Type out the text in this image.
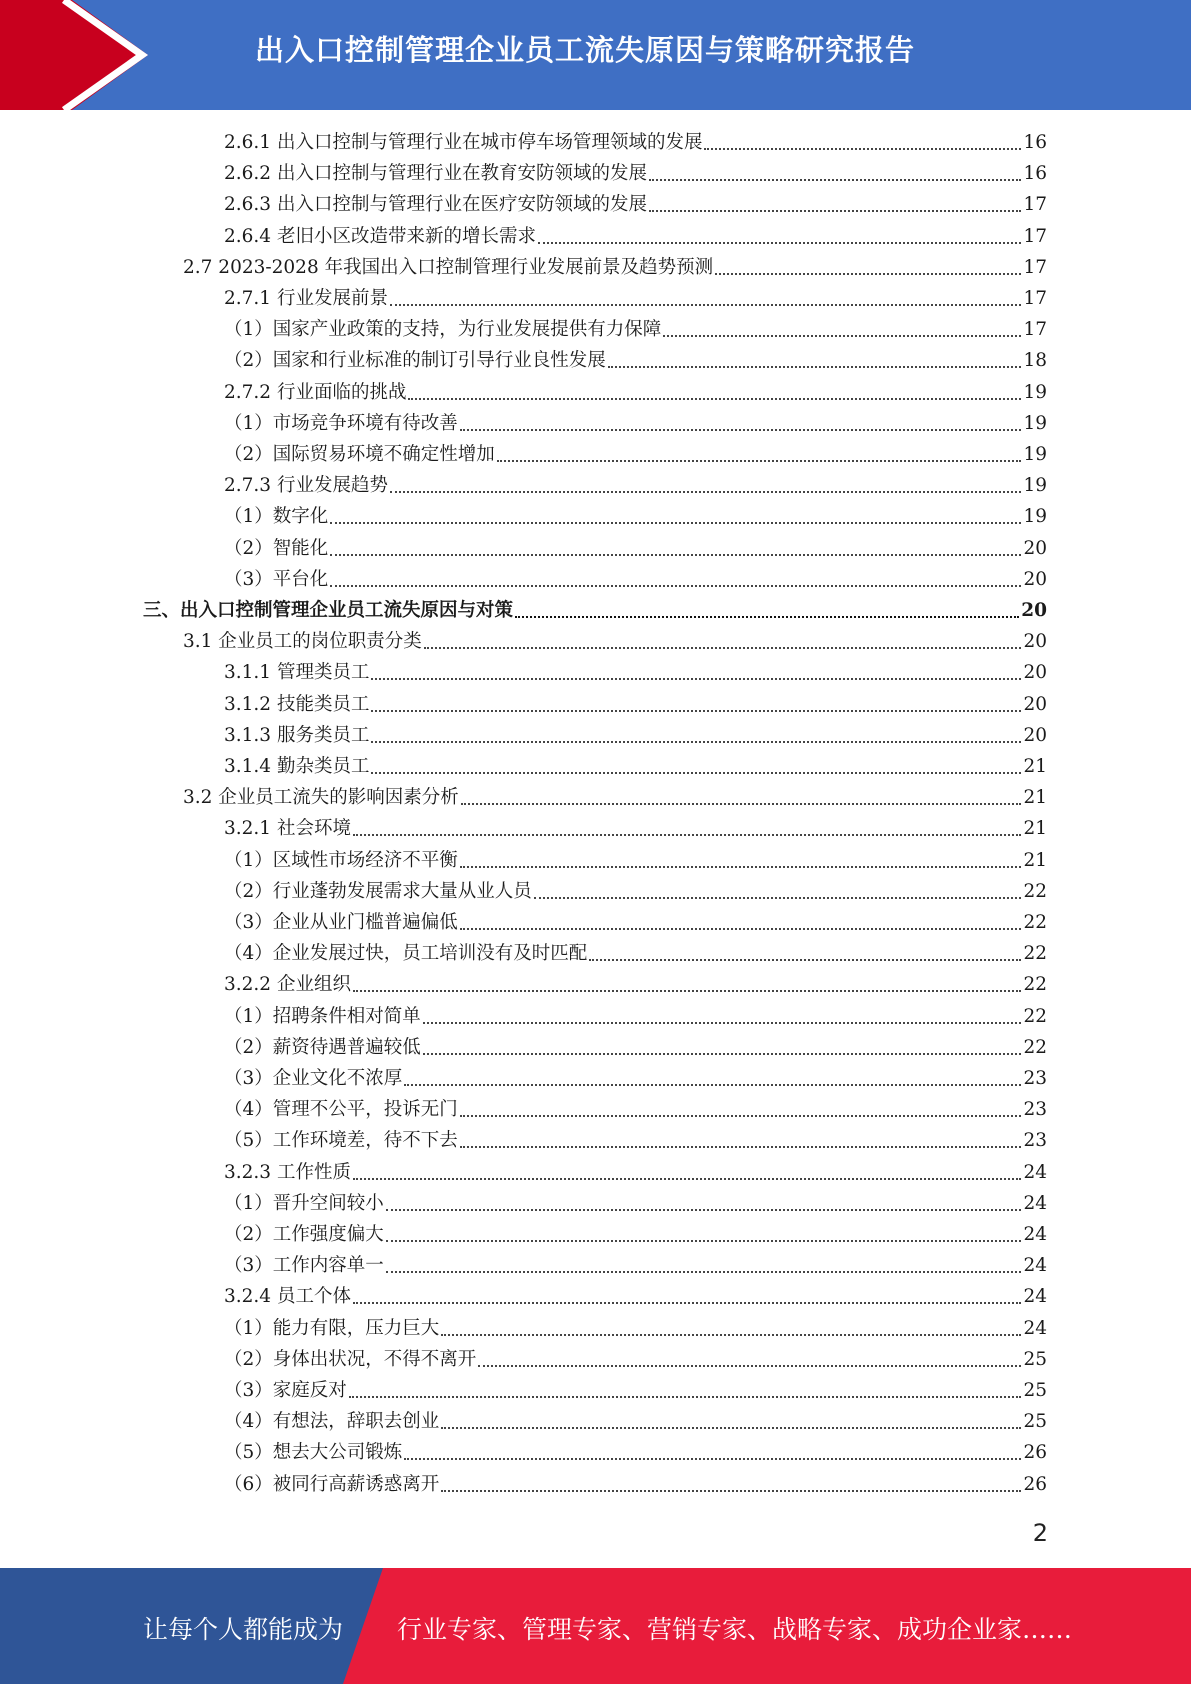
出入口控制管理企业员工流失原因与策略研究报告
2.6.1 出入口控制与管理行业在城市停车场管理领域的发展	16
2.6.2 出入口控制与管理行业在教育安防领域的发展	16
2.6.3 出入口控制与管理行业在医疗安防领域的发展	17
2.6.4 老旧小区改造带来新的增长需求	17
2.7 2023-2028 年我国出入口控制管理行业发展前景及趋势预测	17
2.7.1 行业发展前景	17
（1）国家产业政策的支持，为行业发展提供有力保障	17
（2）国家和行业标准的制订引导行业良性发展	18
2.7.2 行业面临的挑战	19
（1）市场竞争环境有待改善	19
（2）国际贸易环境不确定性增加	19
2.7.3 行业发展趋势	19
（1）数字化	19
（2）智能化	20
（3）平台化	20
三、出入口控制管理企业员工流失原因与对策	20
3.1 企业员工的岗位职责分类	20
3.1.1 管理类员工	20
3.1.2 技能类员工	20
3.1.3 服务类员工	20
3.1.4 勤杂类员工	21
3.2 企业员工流失的影响因素分析	21
3.2.1 社会环境	21
（1）区域性市场经济不平衡	21
（2）行业蓬勃发展需求大量从业人员	22
（3）企业从业门槛普遍偏低	22
（4）企业发展过快，员工培训没有及时匹配	22
3.2.2 企业组织	22
（1）招聘条件相对简单	22
（2）薪资待遇普遍较低	22
（3）企业文化不浓厚	23
（4）管理不公平，投诉无门	23
（5）工作环境差，待不下去	23
3.2.3 工作性质	24
（1）晋升空间较小	24
（2）工作强度偏大	24
（3）工作内容单一	24
3.2.4 员工个体	24
（1）能力有限，压力巨大	24
（2）身体出状况，不得不离开	25
（3）家庭反对	25
（4）有想法，辞职去创业	25
（5）想去大公司锻炼	26
（6）被同行高薪诱惑离开	26
2
让每个人都能成为 行业专家、管理专家、营销专家、战略专家、成功企业家……
